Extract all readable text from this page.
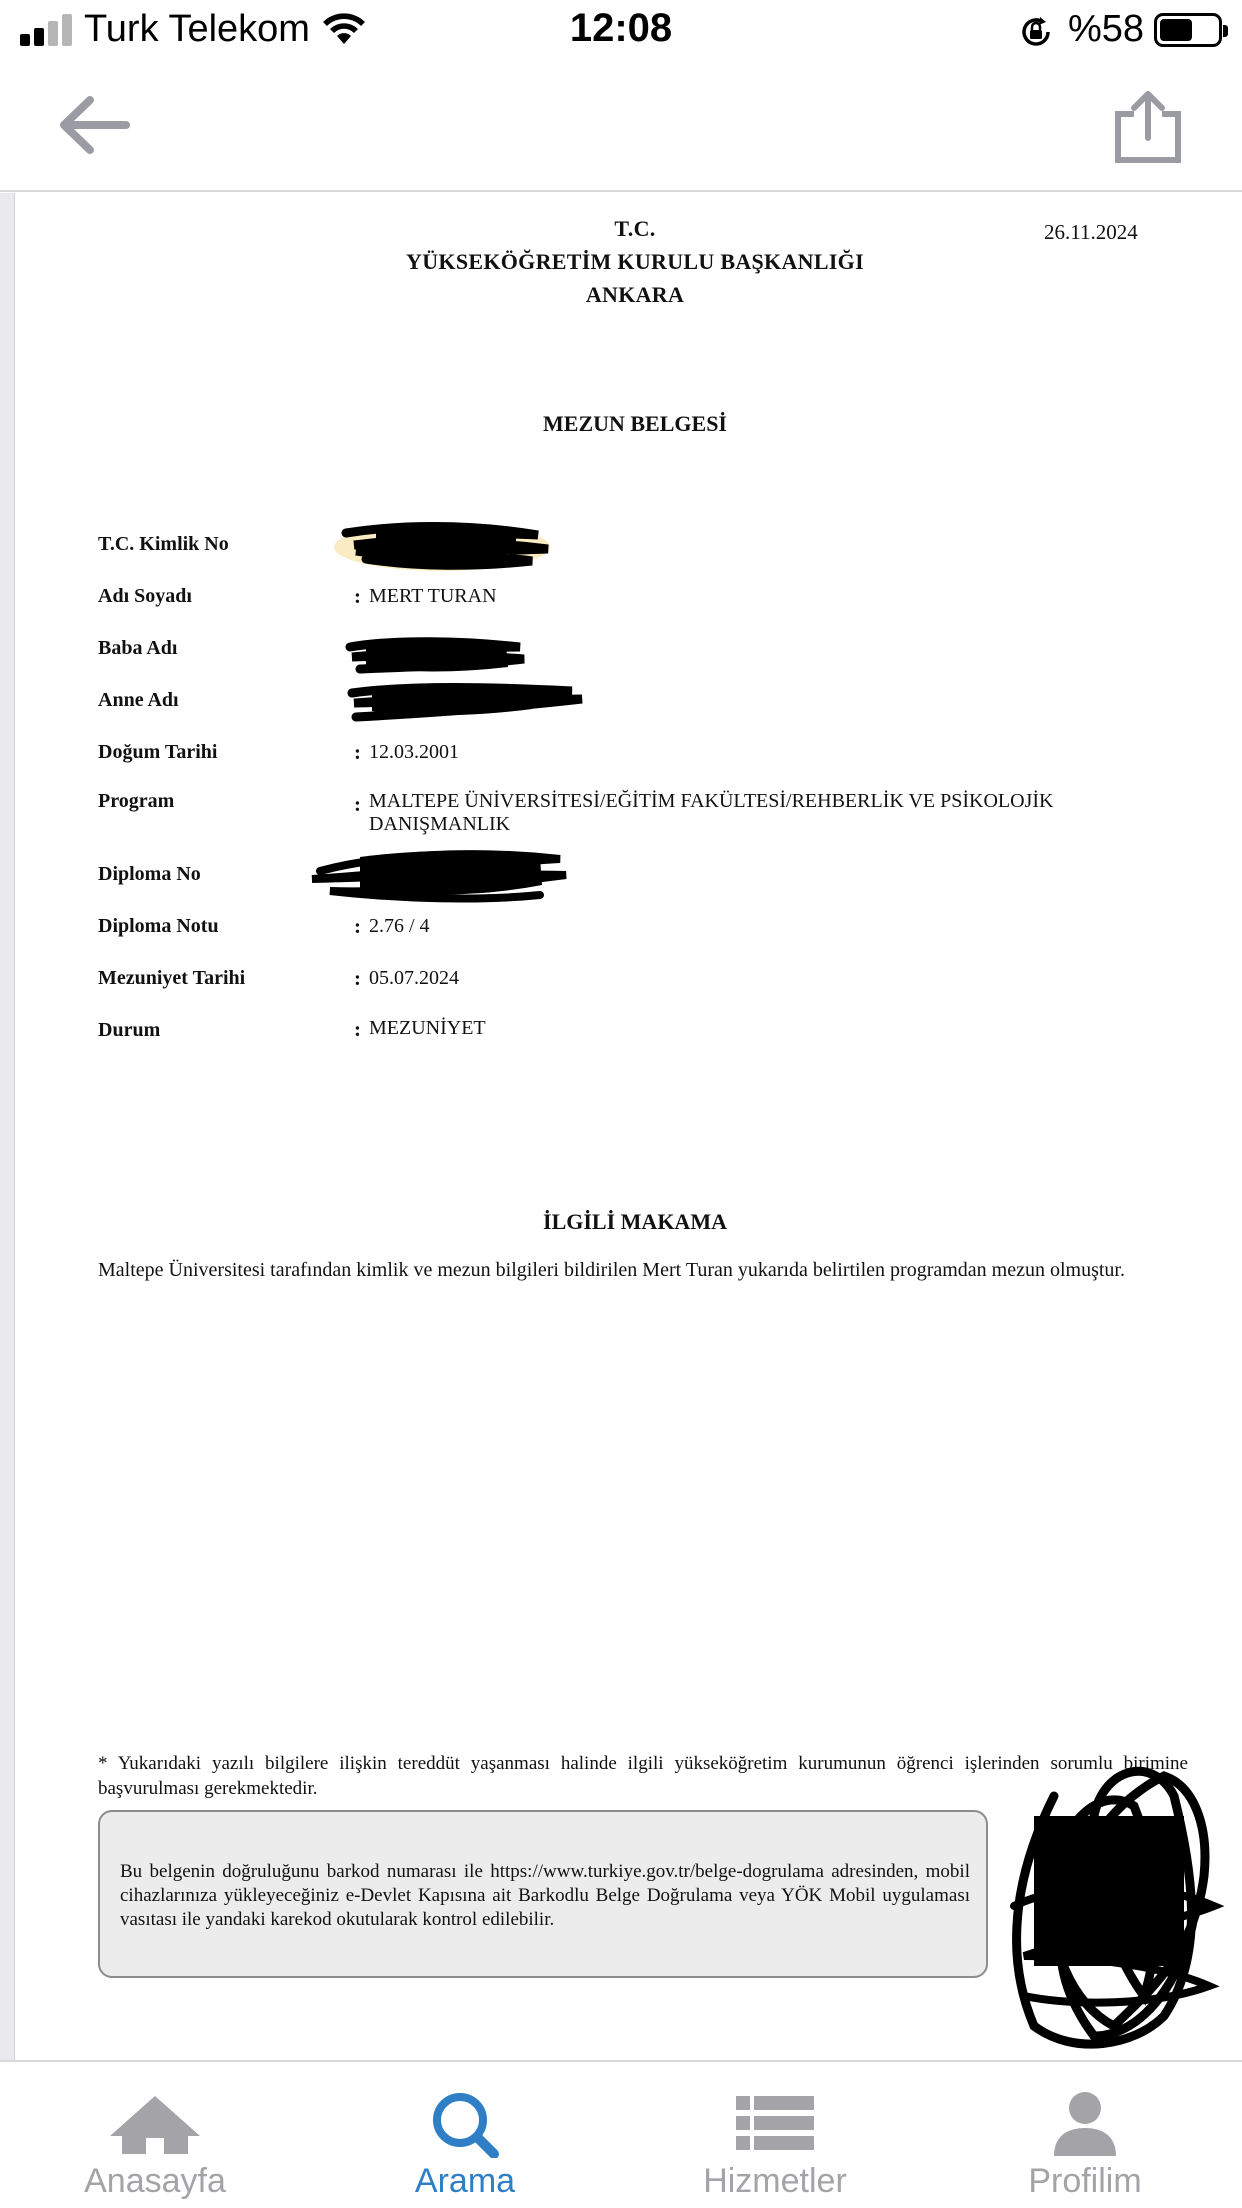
Turk Telekom	12:08	%58
T.C.
YÜKSEKÖĞRETİM KURULU BAŞKANLIĞI
ANKARA
26.11.2024
MEZUN BELGESİ
T.C. Kimlik No
Adı Soyadı	: MERT TURAN
Baba Adı
Anne Adı
Doğum Tarihi	: 12.03.2001
Program	: MALTEPE ÜNİVERSİTESİ/EĞİTİM FAKÜLTESİ/REHBERLİK VE PSİKOLOJİK DANIŞMANLIK
Diploma No
Diploma Notu	: 2.76 / 4
Mezuniyet Tarihi	: 05.07.2024
Durum	: MEZUNİYET
İLGİLİ MAKAMA
Maltepe Üniversitesi tarafından kimlik ve mezun bilgileri bildirilen Mert Turan yukarıda belirtilen programdan mezun olmuştur.
* Yukarıdaki yazılı bilgilere ilişkin tereddüt yaşanması halinde ilgili yükseköğretim kurumunun öğrenci işlerinden sorumlu birimine başvurulması gerekmektedir.
Bu belgenin doğruluğunu barkod numarası ile https://www.turkiye.gov.tr/belge-dogrulama adresinden, mobil cihazlarınıza yükleyeceğiniz e-Devlet Kapısına ait Barkodlu Belge Doğrulama veya YÖK Mobil uygulaması vasıtası ile yandaki karekod okutularak kontrol edilebilir.
Anasayfa	Arama	Hizmetler	Profilim
